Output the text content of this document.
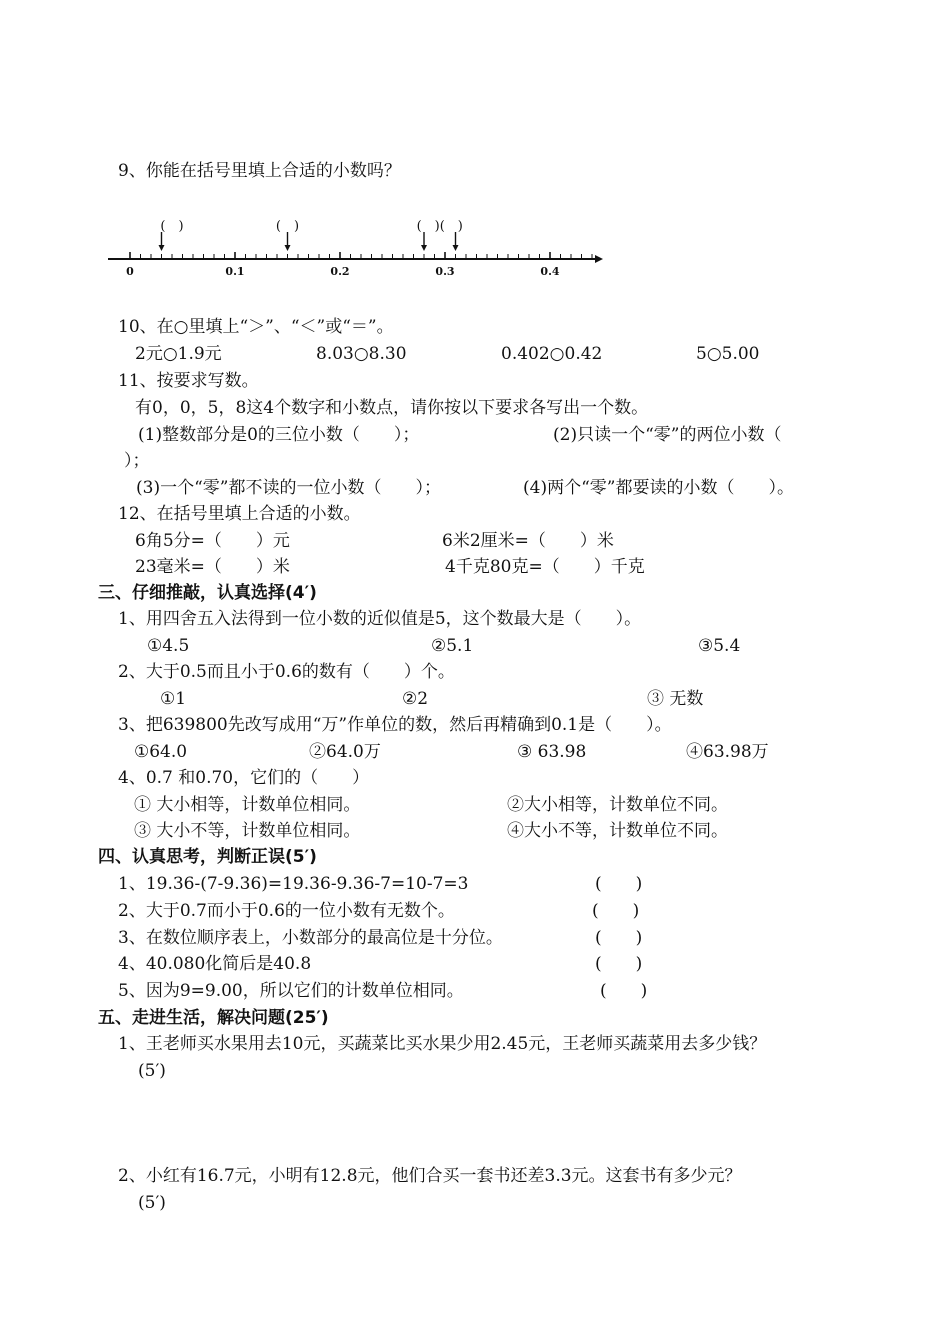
9、你能在括号里填上合适的小数吗？
0	0.1	0.2	0.3	0.4
(　)	(　)	(　)(　)
10、在○里填上“＞”、“＜”或“＝”。
2元○1.9元	8.03○8.30	0.402○0.42	5○5.00
11、按要求写数。
有0，0，5，8这4个数字和小数点，请你按以下要求各写出一个数。
(1)整数部分是0的三位小数（　　）；	(2)只读一个“零”的两位小数（
）；
(3)一个“零”都不读的一位小数（　　）；	(4)两个“零”都要读的小数（　　）。
12、在括号里填上合适的小数。
6角5分=（　　）元	6米2厘米=（　　）米
23毫米=（　　）米	4千克80克=（　　）千克
三、仔细推敲，认真选择(4′)
1、用四舍五入法得到一位小数的近似值是5，这个数最大是（　　）。
①4.5	②5.1	③5.4
2、大于0.5而且小于0.6的数有（　　）个。
①1	②2	③ 无数
3、把639800先改写成用“万”作单位的数，然后再精确到0.1是（　　）。
①64.0	②64.0万	③ 63.98	④63.98万
4、0.7 和0.70，它们的（　　）
① 大小相等，计数单位相同。	②大小相等，计数单位不同。
③ 大小不等，计数单位相同。	④大小不等，计数单位不同。
四、认真思考，判断正误(5′)
1、19.36-(7-9.36)=19.36-9.36-7=10-7=3	(　　)
2、大于0.7而小于0.6的一位小数有无数个。	(　　)
3、在数位顺序表上，小数部分的最高位是十分位。	(　　)
4、40.080化简后是40.8	(　　)
5、因为9=9.00，所以它们的计数单位相同。	(　　)
五、走进生活，解决问题(25′)
1、王老师买水果用去10元，买蔬菜比买水果少用2.45元，王老师买蔬菜用去多少钱？
(5′)
2、小红有16.7元，小明有12.8元，他们合买一套书还差3.3元。这套书有多少元？
(5′)
